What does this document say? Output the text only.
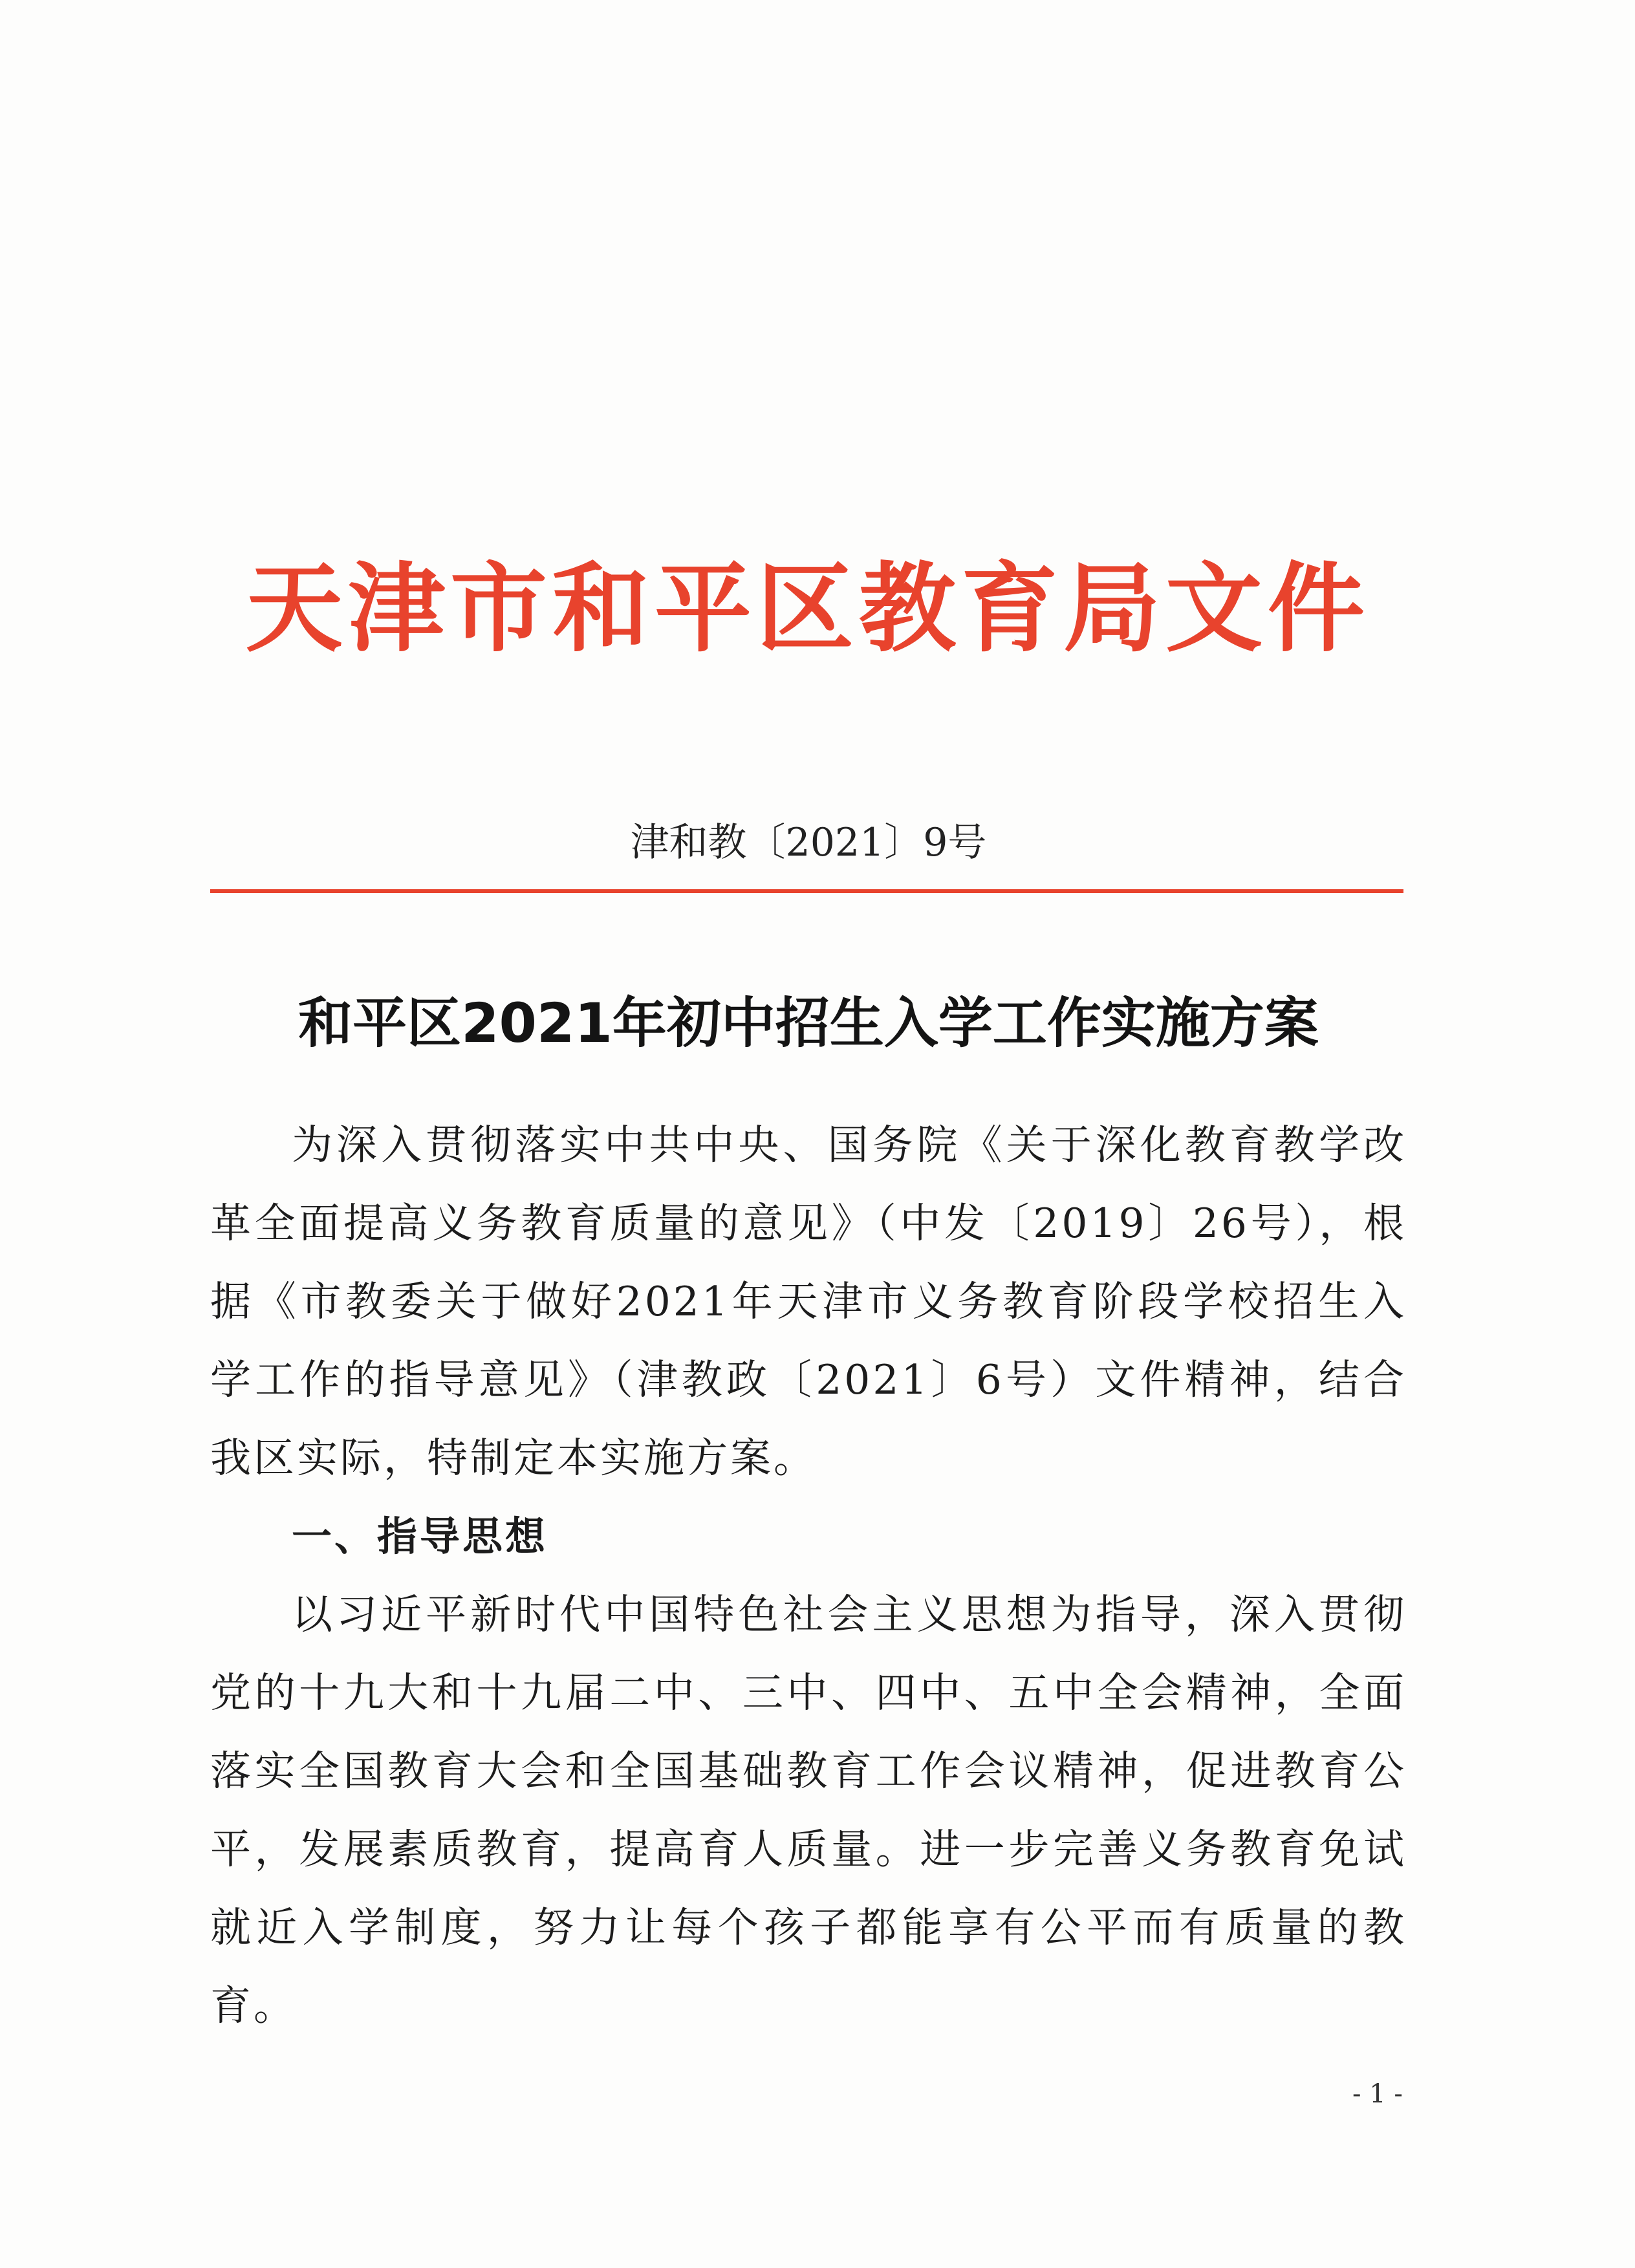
天津市和平区教育局文件
津和教〔2021〕9号
和平区2021年初中招生入学工作实施方案

为深入贯彻落实中共中央、国务院《关于深化教育教学改革全面提高义务教育质量的意见》（中发〔2019〕26号），根据《市教委关于做好2021年天津市义务教育阶段学校招生入学工作的指导意见》（津教政〔2021〕6号）文件精神，结合我区实际，特制定本实施方案。

一、指导思想

以习近平新时代中国特色社会主义思想为指导，深入贯彻党的十九大和十九届二中、三中、四中、五中全会精神，全面落实全国教育大会和全国基础教育工作会议精神，促进教育公平，发展素质教育，提高育人质量。进一步完善义务教育免试就近入学制度，努力让每个孩子都能享有公平而有质量的教育。

- 1 -
